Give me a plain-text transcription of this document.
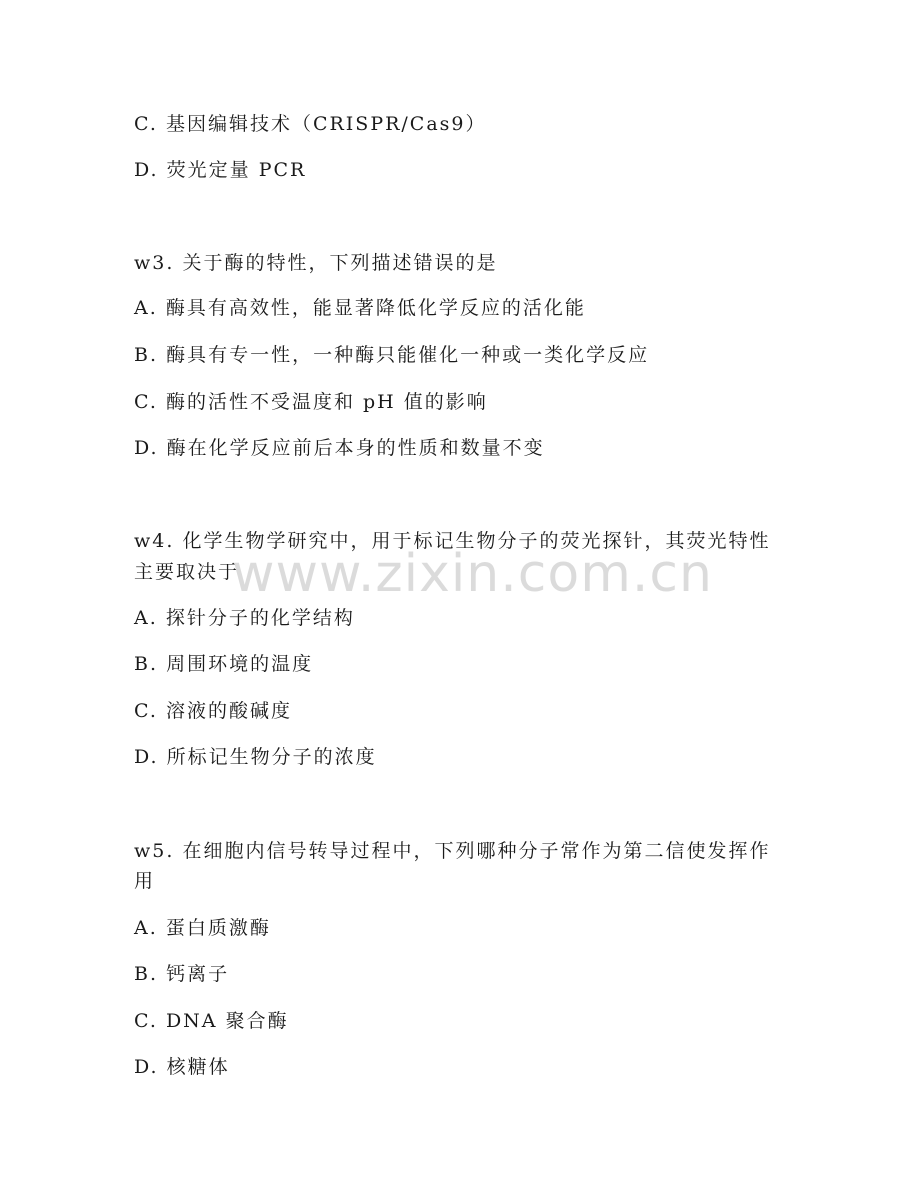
C. 基因编辑技术（CRISPR/Cas9）
D. 荧光定量 PCR
w3. 关于酶的特性，下列描述错误的是
A. 酶具有高效性，能显著降低化学反应的活化能
B. 酶具有专一性，一种酶只能催化一种或一类化学反应
C. 酶的活性不受温度和 pH 值的影响
D. 酶在化学反应前后本身的性质和数量不变
w4. 化学生物学研究中，用于标记生物分子的荧光探针，其荧光特性
主要取决于
A. 探针分子的化学结构
B. 周围环境的温度
C. 溶液的酸碱度
D. 所标记生物分子的浓度
w5. 在细胞内信号转导过程中，下列哪种分子常作为第二信使发挥作
用
A. 蛋白质激酶
B. 钙离子
C. DNA 聚合酶
D. 核糖体
www.zixin.com.cn
